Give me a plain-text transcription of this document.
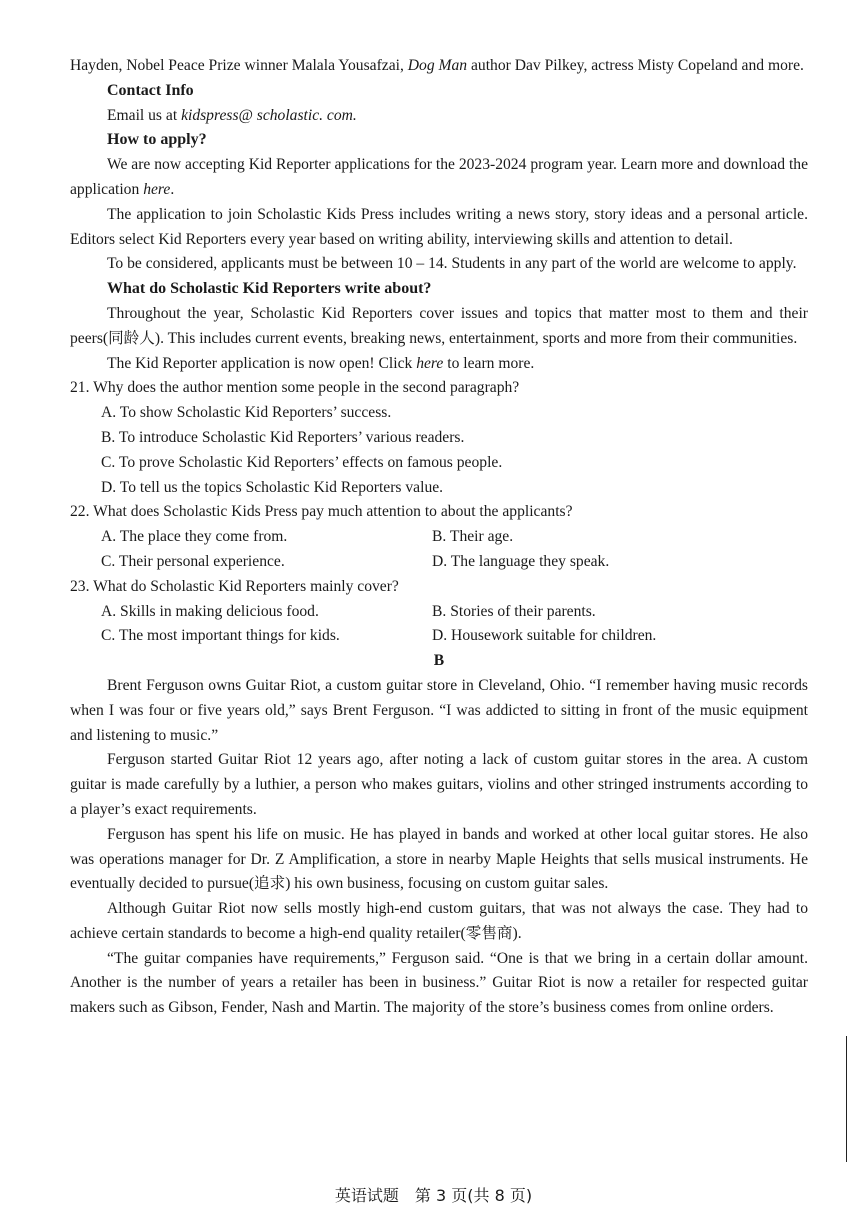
Hayden, Nobel Peace Prize winner Malala Yousafzai, Dog Man author Dav Pilkey, actress Misty Copeland and more.

Contact Info

Email us at kidspress@ scholastic. com.

How to apply?

We are now accepting Kid Reporter applications for the 2023-2024 program year. Learn more and download the application here.

The application to join Scholastic Kids Press includes writing a news story, story ideas and a personal article. Editors select Kid Reporters every year based on writing ability, interviewing skills and attention to detail.

To be considered, applicants must be between 10 – 14. Students in any part of the world are welcome to apply.

What do Scholastic Kid Reporters write about?

Throughout the year, Scholastic Kid Reporters cover issues and topics that matter most to them and their peers(同龄人). This includes current events, breaking news, entertainment, sports and more from their communities.

The Kid Reporter application is now open! Click here to learn more.

21. Why does the author mention some people in the second paragraph?

A. To show Scholastic Kid Reporters’ success.

B. To introduce Scholastic Kid Reporters’ various readers.

C. To prove Scholastic Kid Reporters’ effects on famous people.

D. To tell us the topics Scholastic Kid Reporters value.

22. What does Scholastic Kids Press pay much attention to about the applicants?

A. The place they come from.	B. Their age.
C. Their personal experience.	D. The language they speak.

23. What do Scholastic Kid Reporters mainly cover?

A. Skills in making delicious food.	B. Stories of their parents.
C. The most important things for kids.	D. Housework suitable for children.

B

Brent Ferguson owns Guitar Riot, a custom guitar store in Cleveland, Ohio. “I remember having music records when I was four or five years old,” says Brent Ferguson. “I was addicted to sitting in front of the music equipment and listening to music.”

Ferguson started Guitar Riot 12 years ago, after noting a lack of custom guitar stores in the area. A custom guitar is made carefully by a luthier, a person who makes guitars, violins and other stringed instruments according to a player’s exact requirements.

Ferguson has spent his life on music. He has played in bands and worked at other local guitar stores. He also was operations manager for Dr. Z Amplification, a store in nearby Maple Heights that sells musical instruments. He eventually decided to pursue(追求) his own business, focusing on custom guitar sales.

Although Guitar Riot now sells mostly high-end custom guitars, that was not always the case. They had to achieve certain standards to become a high-end quality retailer(零售商).

“The guitar companies have requirements,” Ferguson said. “One is that we bring in a certain dollar amount. Another is the number of years a retailer has been in business.” Guitar Riot is now a retailer for respected guitar makers such as Gibson, Fender, Nash and Martin. The majority of the store’s business comes from online orders.

英语试题　第 3 页(共 8 页)
